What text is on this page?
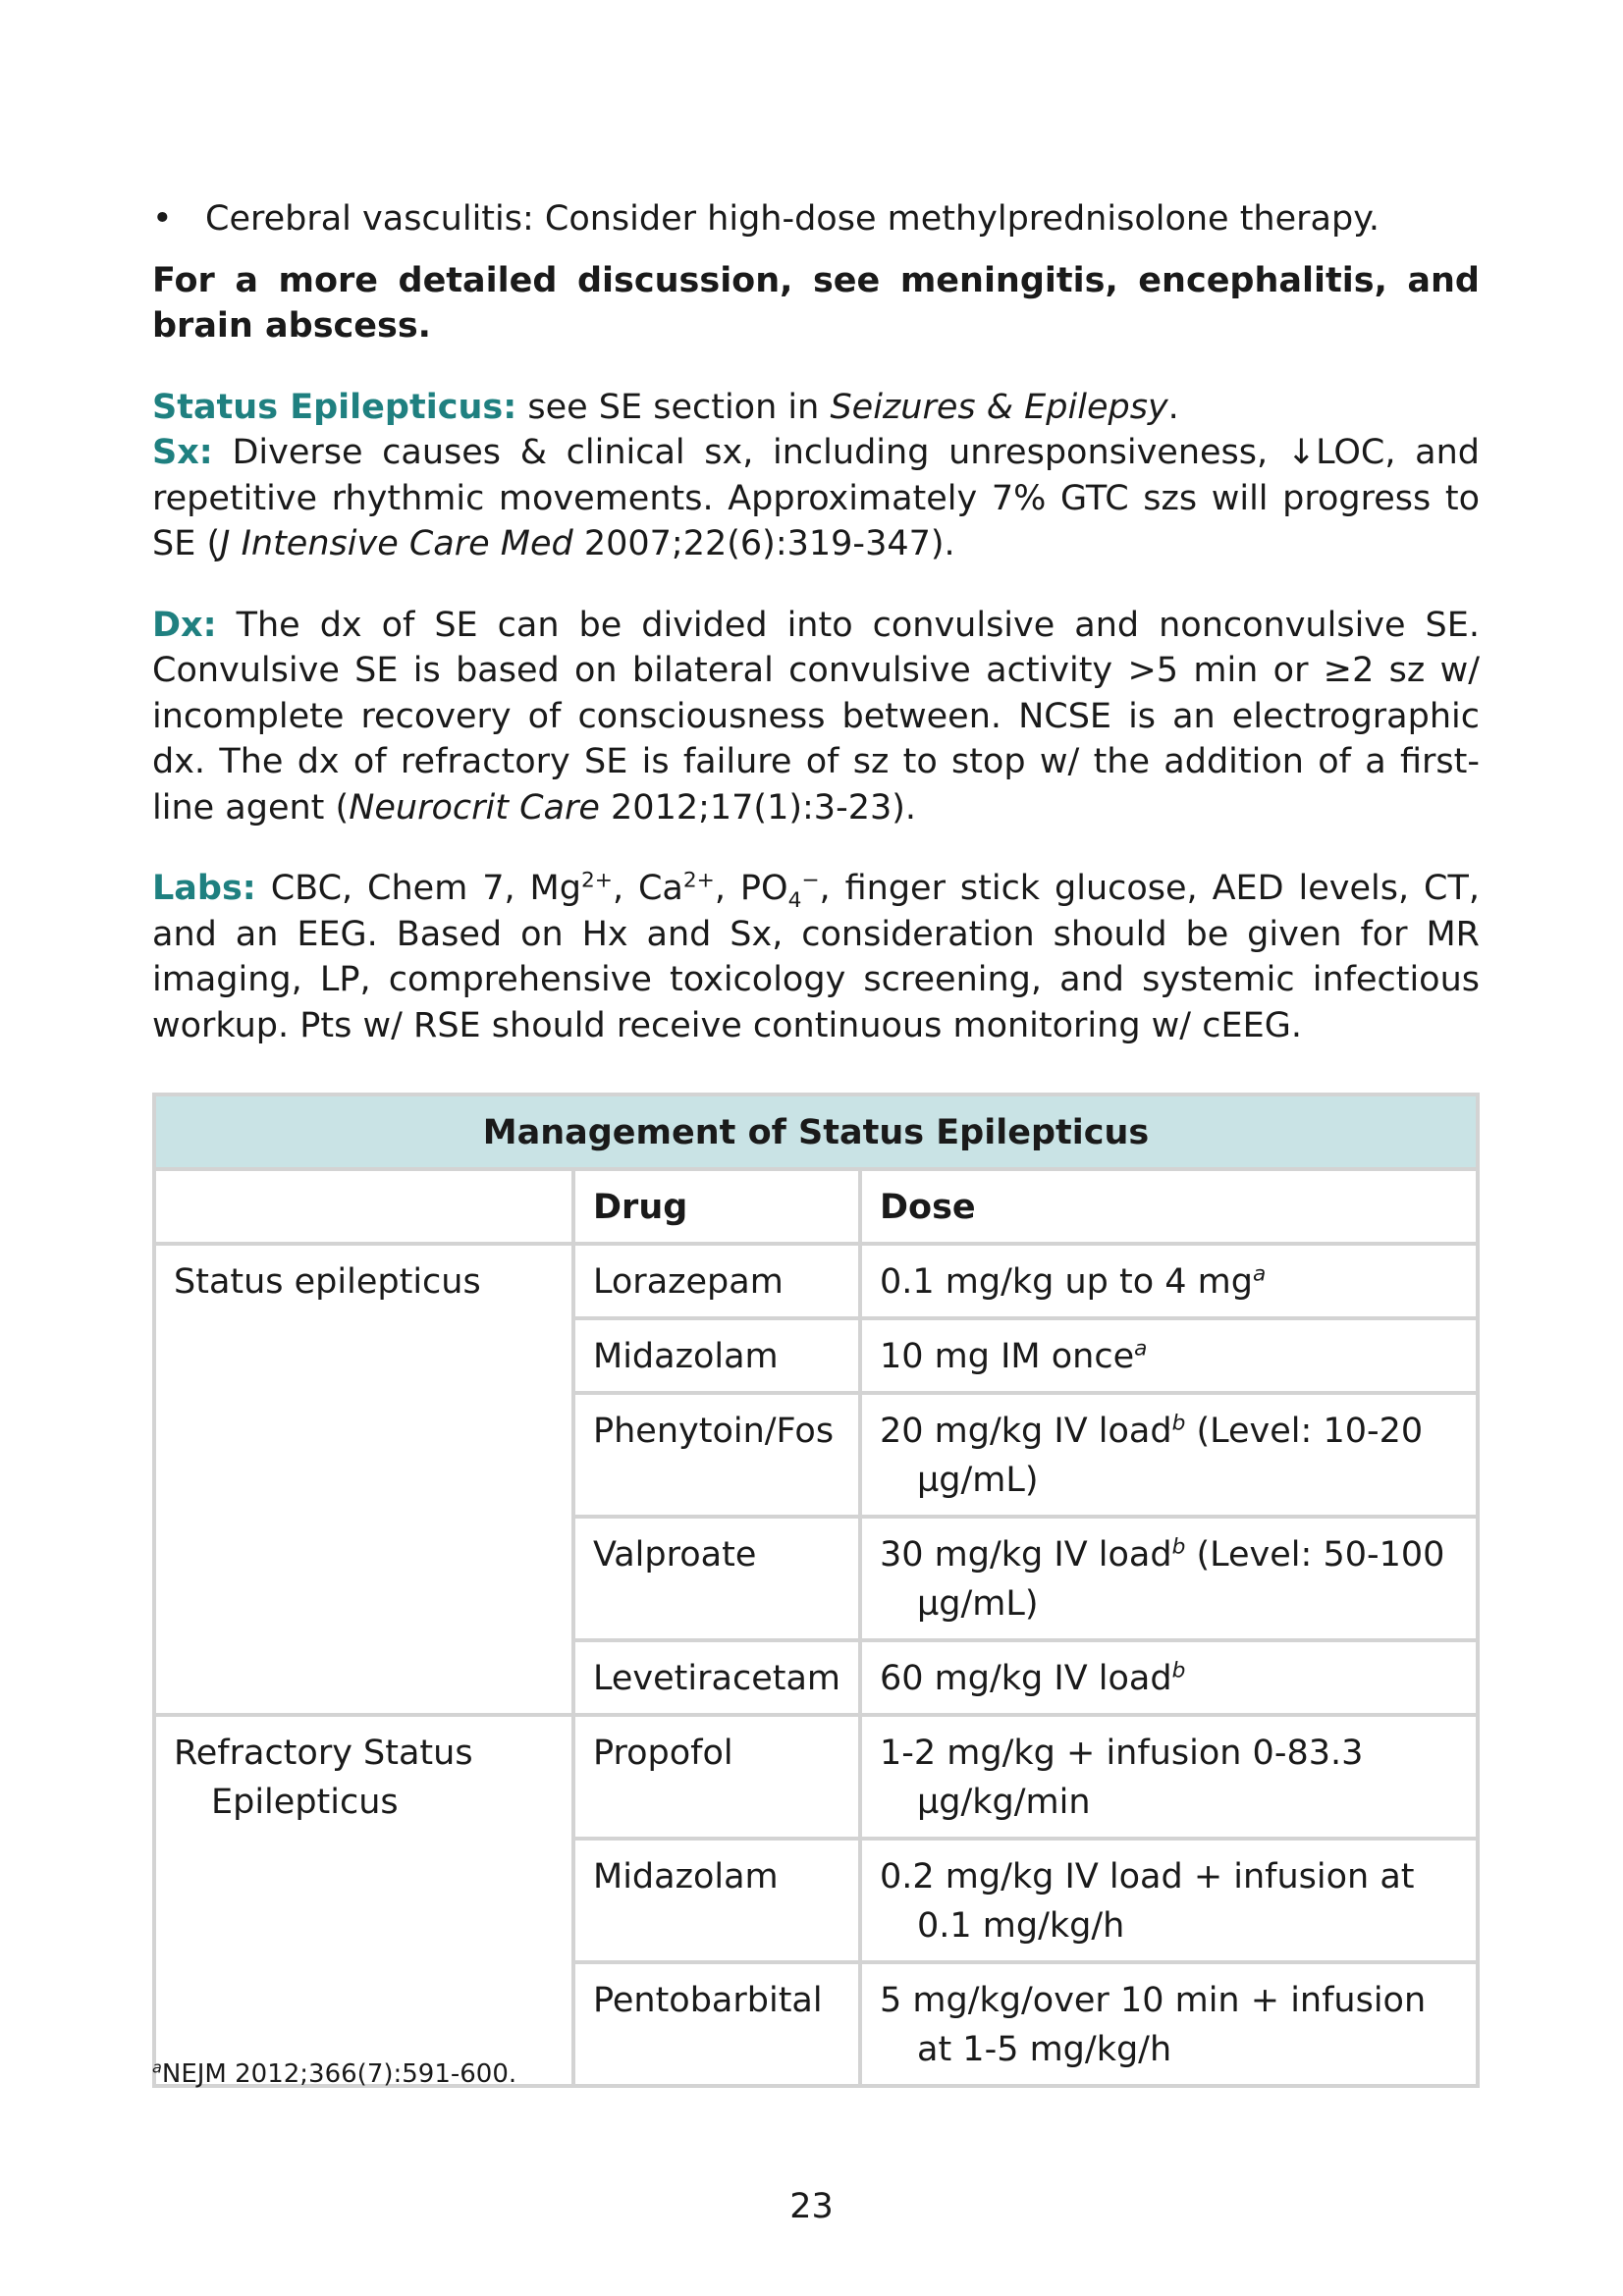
• Cerebral vasculitis: Consider high-dose methylprednisolone therapy.

For a more detailed discussion, see meningitis, encephalitis, and brain abscess.

Status Epilepticus: see SE section in Seizures & Epilepsy.

Sx: Diverse causes & clinical sx, including unresponsiveness, ↓LOC, and repetitive rhythmic movements. Approximately 7% GTC szs will progress to SE (J Intensive Care Med 2007;22(6):319-347).

Dx: The dx of SE can be divided into convulsive and nonconvulsive SE. Convulsive SE is based on bilateral convulsive activity >5 min or ≥2 sz w/ incomplete recovery of consciousness between. NCSE is an electrographic dx. The dx of refractory SE is failure of sz to stop w/ the addition of a first-line agent (Neurocrit Care 2012;17(1):3-23).

Labs: CBC, Chem 7, $Mg^{2+}$, $Ca^{2+}$, $PO_4^-$, finger stick glucose, AED levels, CT, and an EEG. Based on Hx and Sx, consideration should be given for MR imaging, LP, comprehensive toxicology screening, and systemic infectious workup. Pts w/ RSE should receive continuous monitoring w/ cEEG.

Management of Status Epilepticus		
	Drug	Dose

Status epilepticus	Lorazepam	0.1 mg/kg up to 4 $mg^a$

	Midazolam	10 mg IM once$^a$

	Phenytoin/Fos	20 mg/kg IV load$^b$ (Level: 10-20 µg/mL)

	Valproate	30 mg/kg IV load$^b$ (Level: 50-100 µg/mL)

	Levetiracetam	60 mg/kg IV load$^b$

Refractory Status Epilepticus	Propofol	1-2 mg/kg + infusion 0-83.3 µg/kg/min

	Midazolam	0.2 mg/kg IV load + infusion at 0.1 mg/kg/h

	Pentobarbital	5 mg/kg/over 10 min + infusion at 1-5 mg/kg/h
$^a$NEJM 2012;366(7):591-600.
23
